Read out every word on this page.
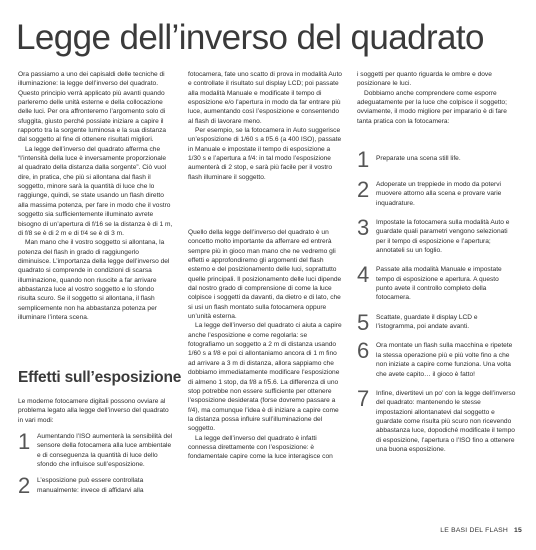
Legge dell’inverso del quadrato

Ora passiamo a uno dei capisaldi delle tecniche di illuminazione: la legge dell’inverso del quadrato. Questo principio verrà applicato più avanti quando parleremo delle unità esterne e della collocazione delle luci. Per ora affronteremo l’argomento solo di sfuggita, giusto perché possiate iniziare a capire il rapporto tra la sorgente luminosa e la sua distanza dal soggetto al fine di ottenere risultati migliori.

La legge dell’inverso del quadrato afferma che “l’intensità della luce è inversamente proporzionale al quadrato della distanza dalla sorgente”. Ciò vuol dire, in pratica, che più si allontana dal flash il soggetto, minore sarà la quantità di luce che lo raggiunge, quindi, se state usando un flash diretto alla massima potenza, per fare in modo che il vostro soggetto sia sufficientemente illuminato avrete bisogno di un’apertura di f/16 se la distanza è di 1 m, di f/8 se è di 2 m e di f/4 se è di 3 m.

Man mano che il vostro soggetto si allontana, la potenza del flash in grado di raggiungerlo diminuisce. L’importanza della legge dell’inverso del quadrato si comprende in condizioni di scarsa illuminazione, quando non riuscite a far arrivare abbastanza luce al vostro soggetto e lo sfondo risulta scuro. Se il soggetto si allontana, il flash semplicemente non ha abbastanza potenza per illuminare l’intera scena.

Effetti sull’esposizione

Le moderne fotocamere digitali possono ovviare al problema legato alla legge dell’inverso del quadrato in vari modi:

1 Aumentando l’ISO aumenterà la sensibilità del sensore della fotocamera alla luce ambientale e di conseguenza la quantità di luce dello sfondo che influisce sull’esposizione.
2 L’esposizione può essere controllata manualmente: invece di affidarvi alla

fotocamera, fate uno scatto di prova in modalità Auto e controllate il risultato sul display LCD; poi passate alla modalità Manuale e modificate il tempo di esposizione e/o l’apertura in modo da far entrare più luce, aumentando così l’esposizione e consentendo al flash di lavorare meno.

Per esempio, se la fotocamera in Auto suggerisce un’esposizione di 1/60 s a f/5.6 (a 400 ISO), passate in Manuale e impostate il tempo di esposizione a 1/30 s e l’apertura a f/4: in tal modo l’esposizione aumenterà di 2 stop, e sarà più facile per il vostro flash illuminare il soggetto.

Quello della legge dell’inverso del quadrato è un concetto molto importante da afferrare ed entrerà sempre più in gioco man mano che ne vedremo gli effetti e approfondiremo gli argomenti del flash esterno e del posizionamento delle luci, soprattutto quelle principali. Il posizionamento delle luci dipende dal nostro grado di comprensione di come la luce colpisce i soggetti da davanti, da dietro e di lato, che si usi un flash montato sulla fotocamera oppure un’unità esterna.

La legge dell’inverso del quadrato ci aiuta a capire anche l’esposizione e come regolarla: se fotografiamo un soggetto a 2 m di distanza usando 1/60 s a f/8 e poi ci allontaniamo ancora di 1 m fino ad arrivare a 3 m di distanza, allora sappiamo che dobbiamo immediatamente modificare l’esposizione di almeno 1 stop, da f/8 a f/5.6. La differenza di uno stop potrebbe non essere sufficiente per ottenere l’esposizione desiderata (forse dovremo passare a f/4), ma comunque l’idea è di iniziare a capire come la distanza possa influire sull’illuminazione del soggetto.

La legge dell’inverso del quadrato è infatti connessa direttamente con l’esposizione: è fondamentale capire come la luce interagisce con

i soggetti per quanto riguarda le ombre e dove posizionare le luci.

Dobbiamo anche comprendere come esporre adeguatamente per la luce che colpisce il soggetto; ovviamente, il modo migliore per imparario è di fare tanta pratica con la fotocamera:

1 Preparate una scena still life.
2 Adoperate un treppiede in modo da potervi muovere attorno alla scena e provare varie inquadrature.
3 Impostate la fotocamera sulla modalità Auto e guardate quali parametri vengono selezionati per il tempo di esposizione e l’apertura; annotateli su un foglio.
4 Passate alla modalità Manuale e impostate tempo di esposizione e apertura. A questo punto avete il controllo completo della fotocamera.
5 Scattate, guardate il display LCD e l’istogramma, poi andate avanti.
6 Ora montate un flash sulla macchina e ripetete la stessa operazione più e più volte fino a che non iniziate a capire come funziona. Una volta che avete capito… il gioco è fatto!
7 Infine, divertitevi un po’ con la legge dell’inverso del quadrato: mantenendo le stesse impostazioni allontanatevi dal soggetto e guardate come risulta più scuro non ricevendo abbastanza luce, dopodiché modificate il tempo di esposizione, l’apertura o l’ISO fino a ottenere una buona esposizione.
LE BASI DEL FLASH 15
